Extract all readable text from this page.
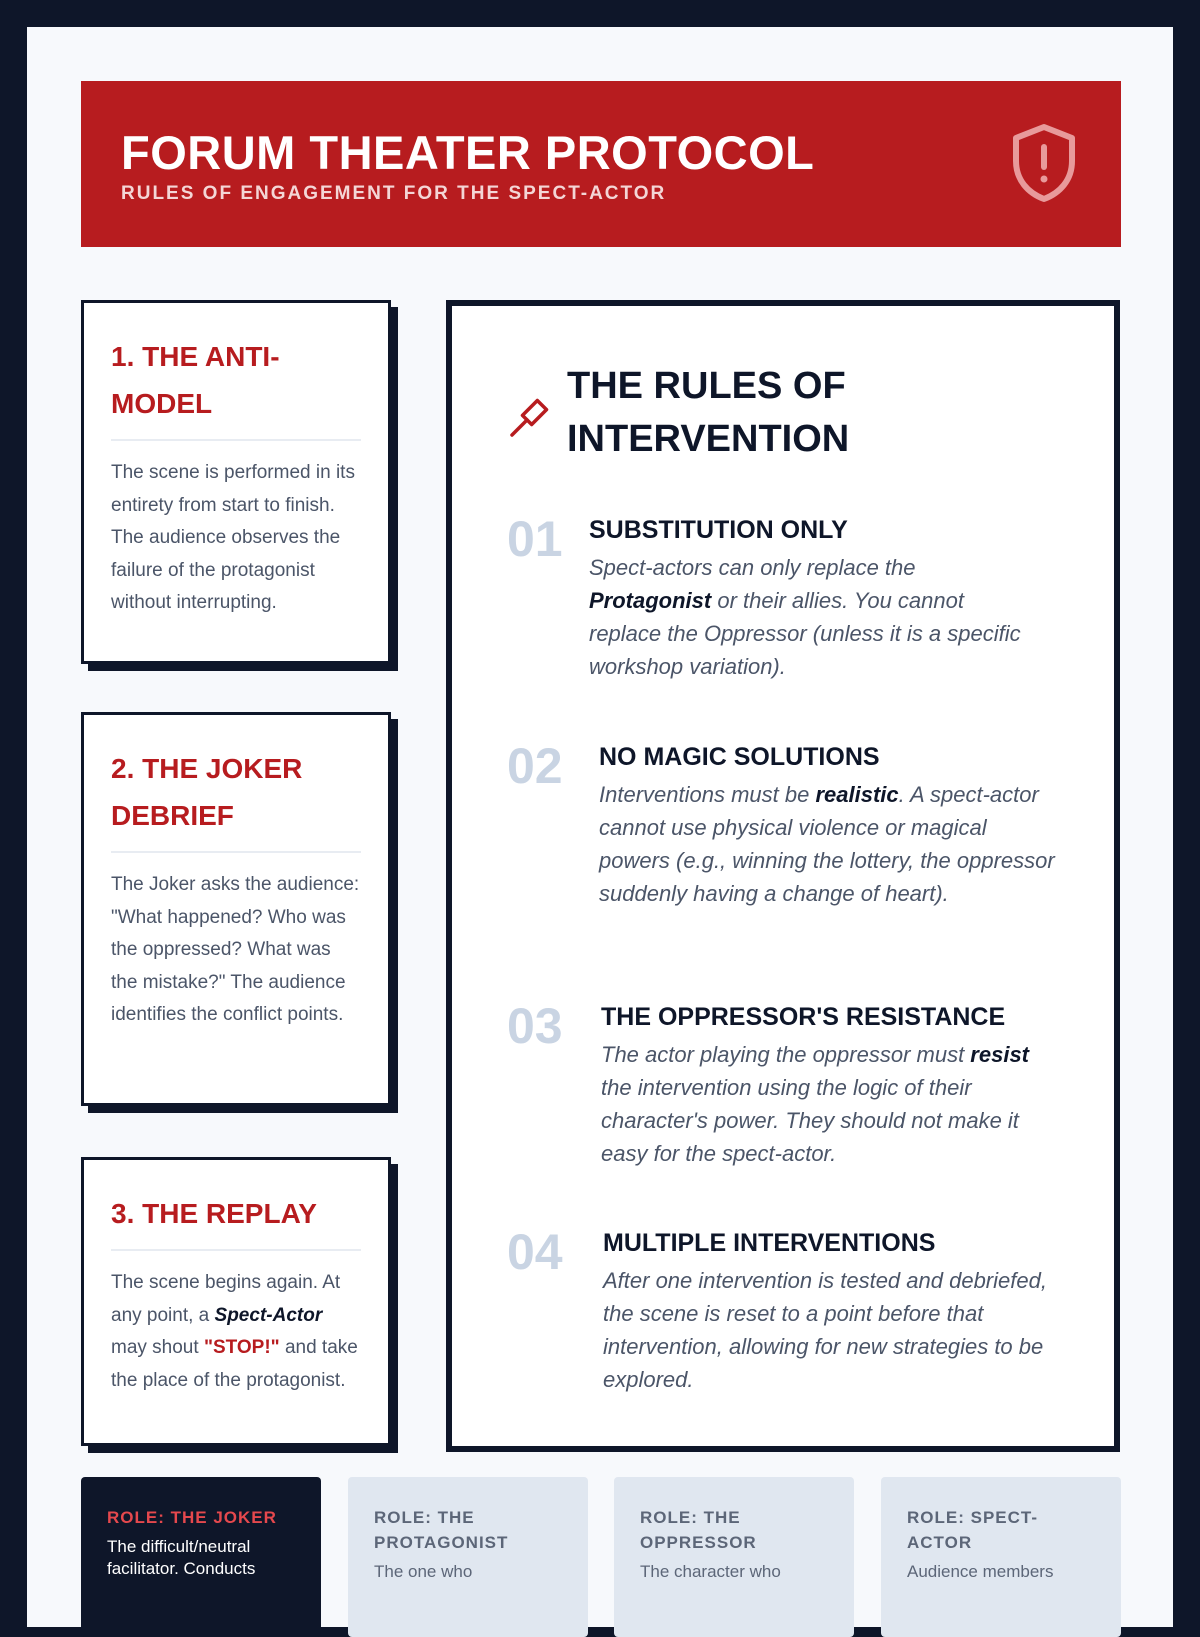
FORUM THEATER PROTOCOL
RULES OF ENGAGEMENT FOR THE SPECT-ACTOR
1. THE ANTI-MODEL
The scene is performed in its entirety from start to finish. The audience observes the failure of the protagonist without interrupting.
2. THE JOKER DEBRIEF
The Joker asks the audience: "What happened? Who was the oppressed? What was the mistake?" The audience identifies the conflict points.
3. THE REPLAY
The scene begins again. At any point, a Spect-Actor may shout "STOP!" and take the place of the protagonist.
THE RULES OF INTERVENTION
01 SUBSTITUTION ONLY
Spect-actors can only replace the Protagonist or their allies. You cannot replace the Oppressor (unless it is a specific workshop variation).
02 NO MAGIC SOLUTIONS
Interventions must be realistic. A spect-actor cannot use physical violence or magical powers (e.g., winning the lottery, the oppressor suddenly having a change of heart).
03 THE OPPRESSOR'S RESISTANCE
The actor playing the oppressor must resist the intervention using the logic of their character's power. They should not make it easy for the spect-actor.
04 MULTIPLE INTERVENTIONS
After one intervention is tested and debriefed, the scene is reset to a point before that intervention, allowing for new strategies to be explored.
ROLE: THE JOKER
The difficult/neutral facilitator. Conducts
ROLE: THE PROTAGONIST
The one who
ROLE: THE OPPRESSOR
The character who
ROLE: SPECT-ACTOR
Audience members
